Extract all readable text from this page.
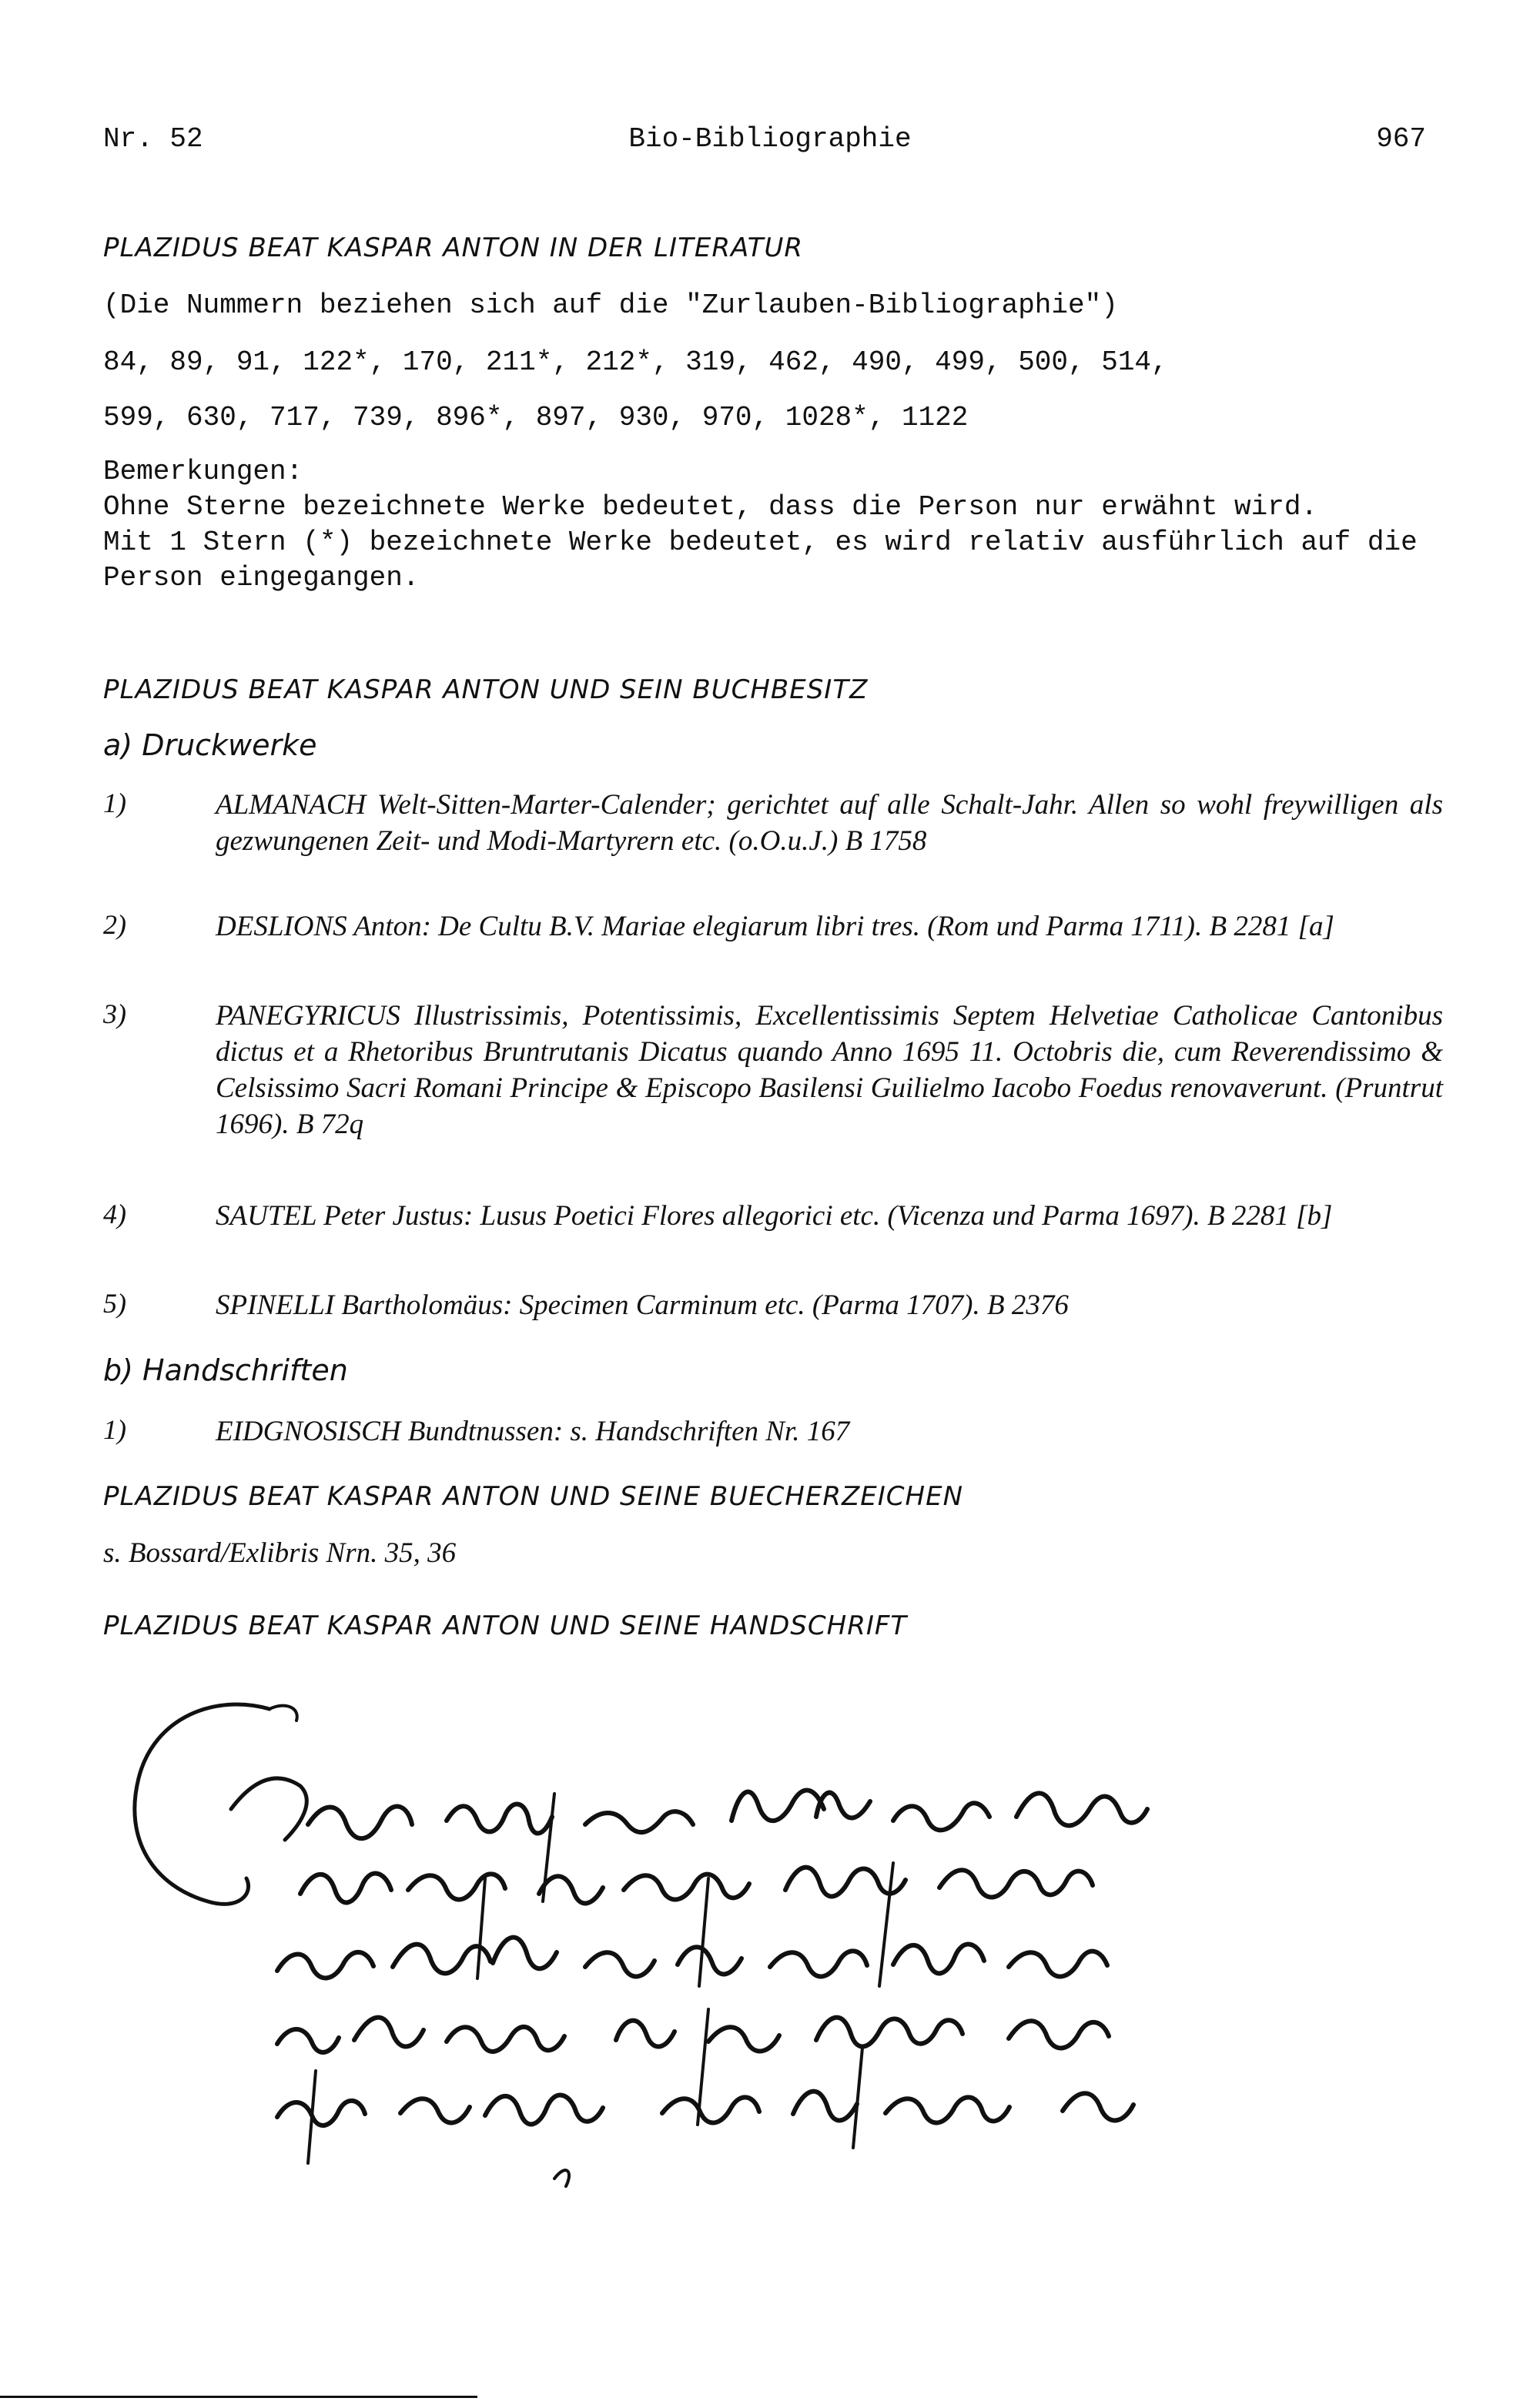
Nr. 52	Bio-Bibliographie	967
PLAZIDUS BEAT KASPAR ANTON IN DER LITERATUR
(Die Nummern beziehen sich auf die "Zurlauben-Bibliographie")
84, 89, 91, 122*, 170, 211*, 212*, 319, 462, 490, 499, 500, 514,
599, 630, 717, 739, 896*, 897, 930, 970, 1028*, 1122

Bemerkungen:

Ohne Sterne bezeichnete Werke bedeutet, dass die Person nur erwähnt wird.

Mit 1 Stern (*) bezeichnete Werke bedeutet, es wird relativ ausführlich auf die Person eingegangen.

PLAZIDUS BEAT KASPAR ANTON UND SEIN BUCHBESITZ
a) Druckwerke
1)	ALMANACH Welt-Sitten-Marter-Calender; gerichtet auf alle Schalt-Jahr. Allen so wohl freywilligen als gezwungenen Zeit- und Modi-Martyrern etc. (o.O.u.J.) B 1758
2)	DESLIONS Anton: De Cultu B.V. Mariae elegiarum libri tres. (Rom und Parma 1711). B 2281 [a]
3)	PANEGYRICUS Illustrissimis, Potentissimis, Excellentissimis Septem Helvetiae Catholicae Cantonibus dictus et a Rhetoribus Bruntrutanis Dicatus quando Anno 1695 11. Octobris die, cum Reverendissimo & Celsissimo Sacri Romani Principe & Episcopo Basilensi Guilielmo Iacobo Foedus renovaverunt. (Pruntrut 1696). B 72q
4)	SAUTEL Peter Justus: Lusus Poetici Flores allegorici etc. (Vicenza und Parma 1697). B 2281 [b]
5)	SPINELLI Bartholomäus: Specimen Carminum etc. (Parma 1707). B 2376
b) Handschriften
1)	EIDGNOSISCH Bundtnussen: s. Handschriften Nr. 167
PLAZIDUS BEAT KASPAR ANTON UND SEINE BUECHERZEICHEN
s. Bossard/Exlibris Nrn. 35, 36
PLAZIDUS BEAT KASPAR ANTON UND SEINE HANDSCHRIFT
